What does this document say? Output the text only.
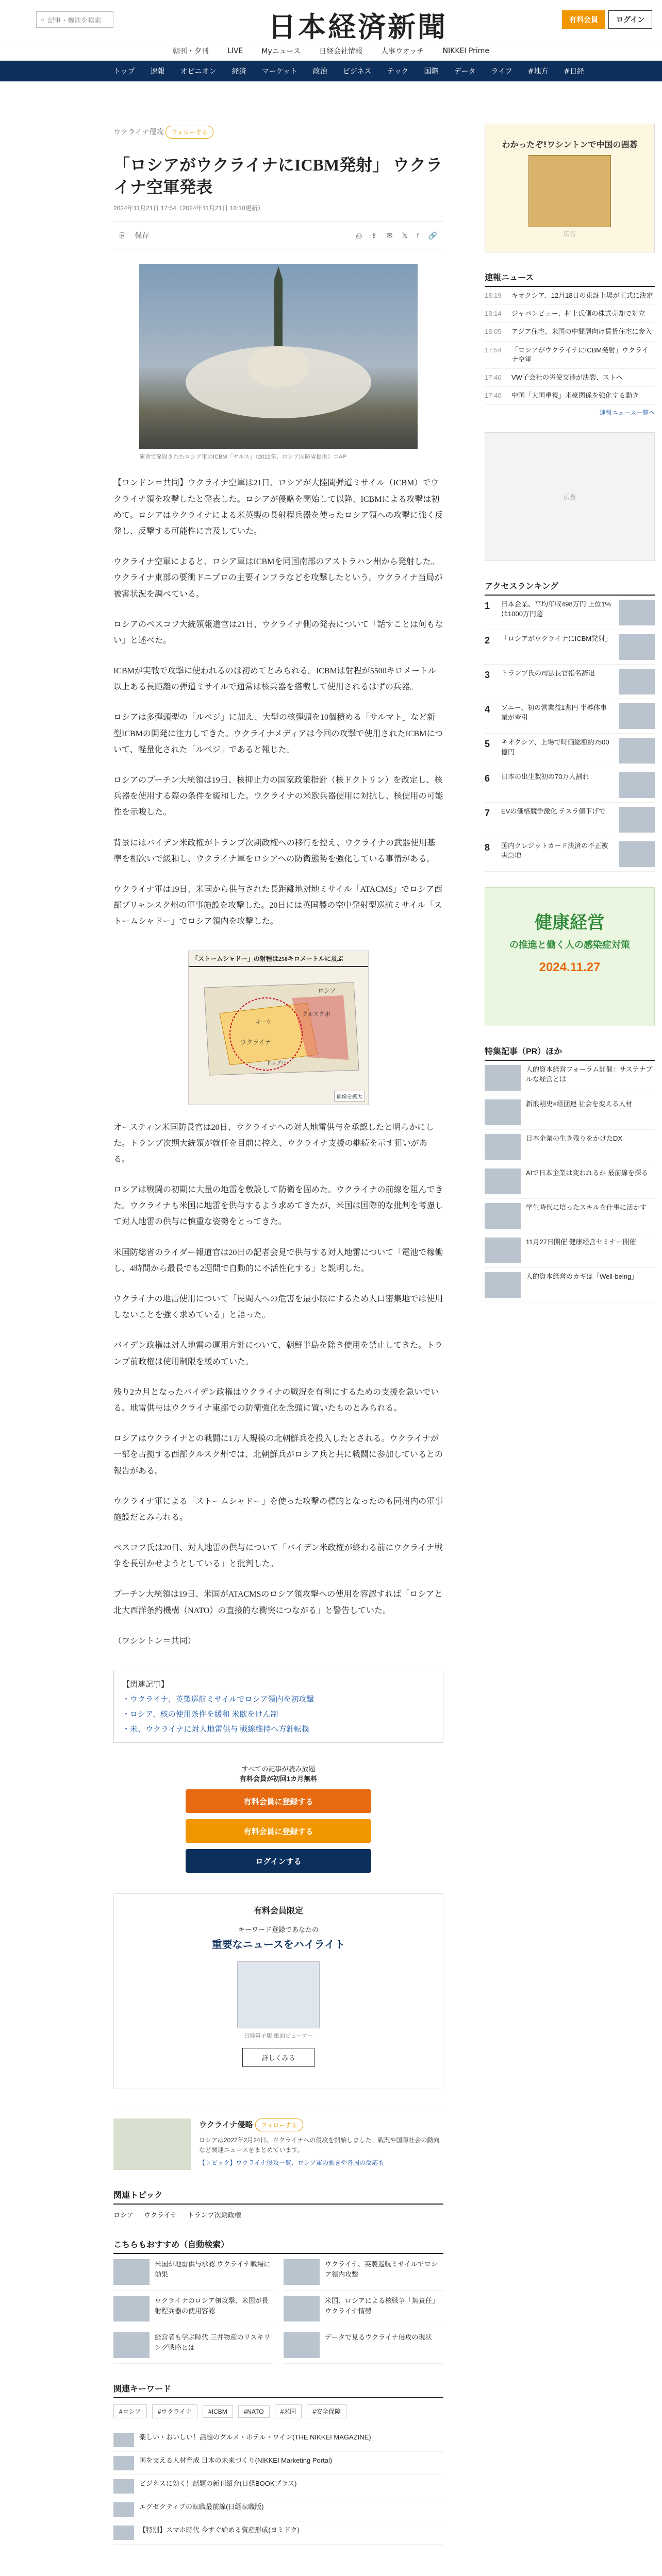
⌕ 記事・機能を検索	日本経済新聞	有料会員	ログイン
朝刊・夕刊	LIVE	Myニュース	日経会社情報	人事ウオッチ	NIKKEI Prime
トップ 速報 オピニオン 経済 マーケット 政治 ビジネス テック 国際 データ ライフ #地方 #日経
ウクライナ侵攻 フォローする
「ロシアがウクライナにICBM発射」 ウクライナ空軍発表
2024年11月21日 17:54（2024年11月21日 18:10更新）
⎘ 保存	⎙ ⇪ ✉ 𝕏 f 🔗
演習で発射されたロシア軍のICBM「ヤルス」（2022年、ロシア国防省提供）＝AP

【ロンドン＝共同】ウクライナ空軍は21日、ロシアが大陸間弾道ミサイル（ICBM）でウクライナ領を攻撃したと発表した。ロシアが侵略を開始して以降、ICBMによる攻撃は初めて。ロシアはウクライナによる米英製の長射程兵器を使ったロシア領への攻撃に強く反発し、反撃する可能性に言及していた。

ウクライナ空軍によると、ロシア軍はICBMを同国南部のアストラハン州から発射した。ウクライナ東部の要衝ドニプロの主要インフラなどを攻撃したという。ウクライナ当局が被害状況を調べている。

ロシアのペスコフ大統領報道官は21日、ウクライナ側の発表について「話すことは何もない」と述べた。

ICBMが実戦で攻撃に使われるのは初めてとみられる。ICBMは射程が5500キロメートル以上ある長距離の弾道ミサイルで通常は核兵器を搭載して使用されるはずの兵器。

ロシアは多弾頭型の「ルベジ」に加え、大型の核弾頭を10個積める「サルマト」など新型ICBMの開発に注力してきた。ウクライナメディアは今回の攻撃で使用されたICBMについて、軽量化された「ルベジ」であると報じた。

ロシアのプーチン大統領は19日、核抑止力の国家政策指針（核ドクトリン）を改定し、核兵器を使用する際の条件を緩和した。ウクライナの米欧兵器使用に対抗し、核使用の可能性を示唆した。

背景にはバイデン米政権がトランプ次期政権への移行を控え、ウクライナの武器使用基準を相次いで緩和し、ウクライナ軍をロシアへの防衛態勢を強化している事情がある。

ウクライナ軍は19日、米国から供与された長距離地対地ミサイル「ATACMS」でロシア西部ブリャンスク州の軍事施設を攻撃した。20日には英国製の空中発射型巡航ミサイル「ストームシャドー」でロシア領内を攻撃した。

「ストームシャドー」の射程は250キロメートルに及ぶ
ロシア
クルスク州
ウクライナ
キーウ
ドニプロ
画像を拡大

オースティン米国防長官は20日、ウクライナへの対人地雷供与を承認したと明らかにした。トランプ次期大統領が就任を目前に控え、ウクライナ支援の継続を示す狙いがある。

ロシアは戦闘の初期に大量の地雷を敷設して防衛を固めた。ウクライナの前線を阻んできた。ウクライナも米国に地雷を供与するよう求めてきたが、米国は国際的な批判を考慮して対人地雷の供与に慎重な姿勢をとってきた。

米国防総省のライダー報道官は20日の記者会見で供与する対人地雷について「電池で稼働し、4時間から最長でも2週間で自動的に不活性化する」と説明した。

ウクライナの地雷使用について「民間人への危害を最小限にするため人口密集地では使用しないことを強く求めている」と語った。

バイデン政権は対人地雷の運用方針について、朝鮮半島を除き使用を禁止してきた。トランプ前政権は使用制限を緩めていた。

残り2カ月となったバイデン政権はウクライナの戦況を有利にするための支援を急いでいる。地雷供与はウクライナ東部での防衛強化を念頭に置いたものとみられる。

ロシアはウクライナとの戦闘に1万人規模の北朝鮮兵を投入したとされる。ウクライナが一部を占拠する西部クルスク州では、北朝鮮兵がロシア兵と共に戦闘に参加しているとの報告がある。

ウクライナ軍による「ストームシャドー」を使った攻撃の標的となったのも同州内の軍事施設だとみられる。

ペスコフ氏は20日、対人地雷の供与について「バイデン米政権が終わる前にウクライナ戦争を長引かせようとしている」と批判した。

プーチン大統領は19日、米国がATACMSのロシア領攻撃への使用を容認すれば「ロシアと北大西洋条約機構（NATO）の直接的な衝突につながる」と警告していた。

（ワシントン＝共同）

【関連記事】
・ウクライナ、英製巡航ミサイルでロシア領内を初攻撃
・ロシア、核の使用条件を緩和 米欧をけん制
・米、ウクライナに対人地雷供与 戦線維持へ方針転換
すべての記事が読み放題
有料会員が初回1カ月無料
有料会員に登録する
有料会員に登録する
ログインする
有料会員限定
キーワード登録であなたの
重要なニュースをハイライト
日経電子版 紙面ビューアー
詳しくみる
ウクライナ侵略 フォローする
ロシアは2022年2月24日、ウクライナへの侵攻を開始しました。戦況や国際社会の動向など関連ニュースをまとめています。
【トピック】ウクライナ侵攻一覧、ロシア軍の動きや各国の反応も
関連トピック
ロシア ウクライナ トランプ次期政権
こちらもおすすめ（自動検索）
米国が地雷供与承認 ウクライナ戦場に効果
ウクライナ、英製巡航ミサイルでロシア領内攻撃
ウクライナのロシア領攻撃、米国が長射程兵器の使用容認
米国、ロシアによる核戦争「無責任」 ウクライナ情勢
経営者も学ぶ時代 三井物産のリスキリング戦略とは
データで見るウクライナ侵攻の現状
関連キーワード
#ロシア	#ウクライナ	#ICBM	#NATO	#米国	#安全保障
楽しい・おいしい！話題のグルメ・ホテル・ワイン(THE NIKKEI MAGAZINE)
国を支える人材育成 日本の未来づくり(NIKKEI Marketing Portal)
ビジネスに効く！話題の新刊紹介(日経BOOKプラス)
エグゼクティブの転職最前線(日経転職版)
【特別】スマホ時代 今すぐ始める資産形成(ヨミドク)
わかったぞ!ワシントンで中国の囲碁
広告
速報ニュース
18:19	キオクシア、12月18日の東証上場が正式に決定
18:14	ジャパンビュー、村上氏側の株式売却で対立
18:05	アジア住宅、米国の中間層向け賃貸住宅に参入
17:54	「ロシアがウクライナにICBM発射」ウクライナ空軍
17:46	VW子会社の労使交渉が決裂、ストへ
17:40	中国「大国重視」米豪関係を強化する動き
速報ニュース一覧へ
広告
アクセスランキング
1	日本企業、平均年収498万円 上位1%は1000万円超
2	「ロシアがウクライナにICBM発射」
3	トランプ氏の司法長官指名辞退
4	ソニー、初の営業益1兆円 半導体事業が牽引
5	キオクシア、上場で時価総額約7500億円
6	日本の出生数初の70万人割れ
7	EVの価格競争激化 テスラ値下げで
8	国内クレジットカード決済の不正被害急増
健康経営
の推進と働く人の感染症対策
2024.11.27
特集記事（PR）ほか
人的資本経営フォーラム開催：サステナブルな経営とは
新浪剛史×経団連 社会を変える人材
日本企業の生き残りをかけたDX
AIで日本企業は変われるか 最前線を探る
学生時代に培ったスキルを仕事に活かす
11月27日開催 健康経営セミナー開催
人的資本経営のカギは「Well-being」
